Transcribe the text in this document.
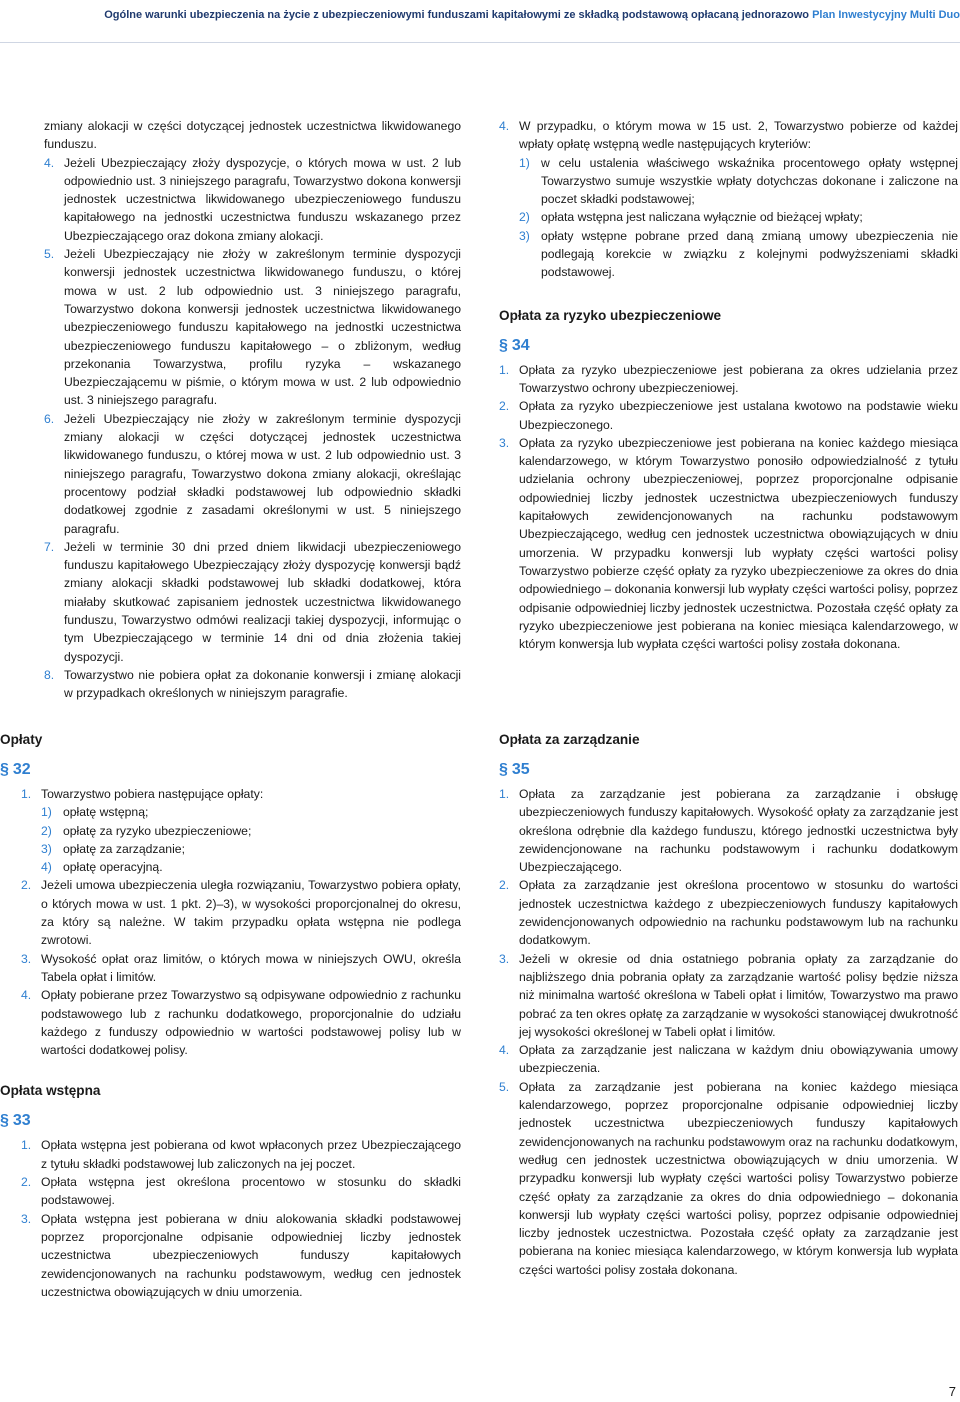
Ogólne warunki ubezpieczenia na życie z ubezpieczeniowymi funduszami kapitałowymi ze składką podstawową opłacaną jednorazowo Plan Inwestycyjny Multi Duo
zmiany alokacji w części dotyczącej jednostek uczestnictwa likwidowanego funduszu.
4. Jeżeli Ubezpieczający złoży dyspozycje, o których mowa w ust. 2 lub odpowiednio ust. 3 niniejszego paragrafu, Towarzystwo dokona konwersji jednostek uczestnictwa likwidowanego ubezpieczeniowego funduszu kapitałowego na jednostki uczestnictwa funduszu wskazanego przez Ubezpieczającego oraz dokona zmiany alokacji.
5. Jeżeli Ubezpieczający nie złoży w zakreślonym terminie dyspozycji konwersji jednostek uczestnictwa likwidowanego funduszu, o której mowa w ust. 2 lub odpowiednio ust. 3 niniejszego paragrafu, Towarzystwo dokona konwersji jednostek uczestnictwa likwidowanego ubezpieczeniowego funduszu kapitałowego na jednostki uczestnictwa ubezpieczeniowego funduszu kapitałowego – o zbliżonym, według przekonania Towarzystwa, profilu ryzyka – wskazanego Ubezpieczającemu w piśmie, o którym mowa w ust. 2 lub odpowiednio ust. 3 niniejszego paragrafu.
6. Jeżeli Ubezpieczający nie złoży w zakreślonym terminie dyspozycji zmiany alokacji w części dotyczącej jednostek uczestnictwa likwidowanego funduszu, o której mowa w ust. 2 lub odpowiednio ust. 3 niniejszego paragrafu, Towarzystwo dokona zmiany alokacji, określając procentowy podział składki podstawowej lub odpowiednio składki dodatkowej zgodnie z zasadami określonymi w ust. 5 niniejszego paragrafu.
7. Jeżeli w terminie 30 dni przed dniem likwidacji ubezpieczeniowego funduszu kapitałowego Ubezpieczający złoży dyspozycję konwersji bądź zmiany alokacji składki podstawowej lub składki dodatkowej, która miałaby skutkować zapisaniem jednostek uczestnictwa likwidowanego funduszu, Towarzystwo odmówi realizacji takiej dyspozycji, informując o tym Ubezpieczającego w terminie 14 dni od dnia złożenia takiej dyspozycji.
8. Towarzystwo nie pobiera opłat za dokonanie konwersji i zmianę alokacji w przypadkach określonych w niniejszym paragrafie.
Opłaty
§ 32
1. Towarzystwo pobiera następujące opłaty:
1) opłatę wstępną;
2) opłatę za ryzyko ubezpieczeniowe;
3) opłatę za zarządzanie;
4) opłatę operacyjną.
2. Jeżeli umowa ubezpieczenia uległa rozwiązaniu, Towarzystwo pobiera opłaty, o których mowa w ust. 1 pkt. 2)–3), w wysokości proporcjonalnej do okresu, za który są należne. W takim przypadku opłata wstępna nie podlega zwrotowi.
3. Wysokość opłat oraz limitów, o których mowa w niniejszych OWU, określa Tabela opłat i limitów.
4. Opłaty pobierane przez Towarzystwo są odpisywane odpowiednio z rachunku podstawowego lub z rachunku dodatkowego, proporcjonalnie do udziału każdego z funduszy odpowiednio w wartości podstawowej polisy lub w wartości dodatkowej polisy.
Opłata wstępna
§ 33
1. Opłata wstępna jest pobierana od kwot wpłaconych przez Ubezpieczającego z tytułu składki podstawowej lub zaliczonych na jej poczet.
2. Opłata wstępna jest określona procentowo w stosunku do składki podstawowej.
3. Opłata wstępna jest pobierana w dniu alokowania składki podstawowej poprzez proporcjonalne odpisanie odpowiedniej liczby jednostek uczestnictwa ubezpieczeniowych funduszy kapitałowych zewidencjonowanych na rachunku podstawowym, według cen jednostek uczestnictwa obowiązujących w dniu umorzenia.
4. W przypadku, o którym mowa w 15 ust. 2, Towarzystwo pobierze od każdej wpłaty opłatę wstępną wedle następujących kryteriów:
1) w celu ustalenia właściwego wskaźnika procentowego opłaty wstępnej Towarzystwo sumuje wszystkie wpłaty dotychczas dokonane i zaliczone na poczet składki podstawowej;
2) opłata wstępna jest naliczana wyłącznie od bieżącej wpłaty;
3) opłaty wstępne pobrane przed daną zmianą umowy ubezpieczenia nie podlegają korekcie w związku z kolejnymi podwyższeniami składki podstawowej.
Opłata za ryzyko ubezpieczeniowe
§ 34
1. Opłata za ryzyko ubezpieczeniowe jest pobierana za okres udzielania przez Towarzystwo ochrony ubezpieczeniowej.
2. Opłata za ryzyko ubezpieczeniowe jest ustalana kwotowo na podstawie wieku Ubezpieczonego.
3. Opłata za ryzyko ubezpieczeniowe jest pobierana na koniec każdego miesiąca kalendarzowego, w którym Towarzystwo ponosiło odpowiedzialność z tytułu udzielania ochrony ubezpieczeniowej, poprzez proporcjonalne odpisanie odpowiedniej liczby jednostek uczestnictwa ubezpieczeniowych funduszy kapitałowych zewidencjonowanych na rachunku podstawowym Ubezpieczającego, według cen jednostek uczestnictwa obowiązujących w dniu umorzenia. W przypadku konwersji lub wypłaty części wartości polisy Towarzystwo pobierze część opłaty za ryzyko ubezpieczeniowe za okres do dnia odpowiedniego – dokonania konwersji lub wypłaty części wartości polisy, poprzez odpisanie odpowiedniej liczby jednostek uczestnictwa. Pozostała część opłaty za ryzyko ubezpieczeniowe jest pobierana na koniec miesiąca kalendarzowego, w którym konwersja lub wypłata części wartości polisy została dokonana.
Opłata za zarządzanie
§ 35
1. Opłata za zarządzanie jest pobierana za zarządzanie i obsługę ubezpieczeniowych funduszy kapitałowych. Wysokość opłaty za zarządzanie jest określona odrębnie dla każdego funduszu, którego jednostki uczestnictwa były zewidencjonowane na rachunku podstawowym i rachunku dodatkowym Ubezpieczającego.
2. Opłata za zarządzanie jest określona procentowo w stosunku do wartości jednostek uczestnictwa każdego z ubezpieczeniowych funduszy kapitałowych zewidencjonowanych odpowiednio na rachunku podstawowym lub na rachunku dodatkowym.
3. Jeżeli w okresie od dnia ostatniego pobrania opłaty za zarządzanie do najbliższego dnia pobrania opłaty za zarządzanie wartość polisy będzie niższa niż minimalna wartość określona w Tabeli opłat i limitów, Towarzystwo ma prawo pobrać za ten okres opłatę za zarządzanie w wysokości stanowiącej dwukrotność jej wysokości określonej w Tabeli opłat i limitów.
4. Opłata za zarządzanie jest naliczana w każdym dniu obowiązywania umowy ubezpieczenia.
5. Opłata za zarządzanie jest pobierana na koniec każdego miesiąca kalendarzowego, poprzez proporcjonalne odpisanie odpowiedniej liczby jednostek uczestnictwa ubezpieczeniowych funduszy kapitałowych zewidencjonowanych na rachunku podstawowym oraz na rachunku dodatkowym, według cen jednostek uczestnictwa obowiązujących w dniu umorzenia. W przypadku konwersji lub wypłaty części wartości polisy Towarzystwo pobierze część opłaty za zarządzanie za okres do dnia odpowiedniego – dokonania konwersji lub wypłaty części wartości polisy, poprzez odpisanie odpowiedniej liczby jednostek uczestnictwa. Pozostała część opłaty za zarządzanie jest pobierana na koniec miesiąca kalendarzowego, w którym konwersja lub wypłata części wartości polisy została dokonana.
7
